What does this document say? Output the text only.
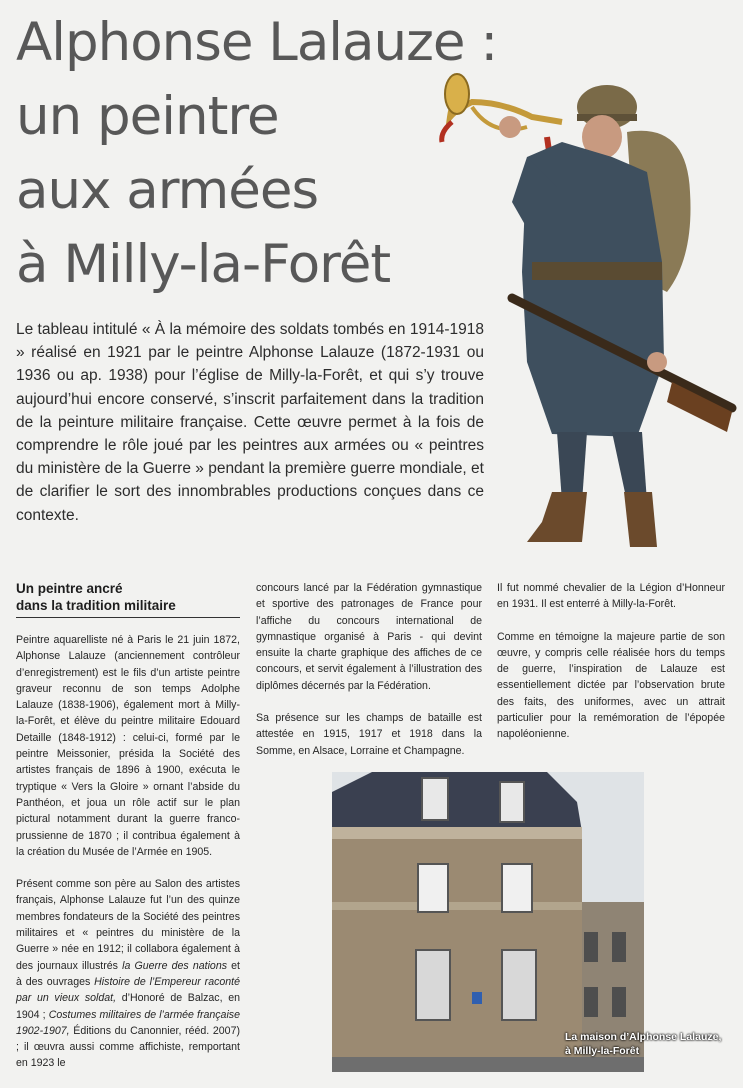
Alphonse Lalauze :
un peintre
aux armées
à Milly-la-Forêt

Le tableau intitulé « À la mémoire des soldats tombés en 1914-1918 » réalisé en 1921 par le peintre Alphonse Lalauze (1872-1931 ou 1936 ou ap. 1938) pour l’église de Milly-la-Forêt, et qui s’y trouve aujourd’hui encore conservé, s’inscrit parfaitement dans la tradition de la peinture militaire française. Cette œuvre permet à la fois de comprendre le rôle joué par les peintres aux armées ou « peintres du ministère de la Guerre » pendant la première guerre mondiale, et de clarifier le sort des innombrables productions conçues dans ce contexte.

Un peintre ancré
dans la tradition militaire

Peintre aquarelliste né à Paris le 21 juin 1872, Alphonse Lalauze (anciennement contrôleur d’enregistrement) est le fils d’un artiste peintre graveur reconnu de son temps Adolphe Lalauze (1838-1906), également mort à Milly-la-Forêt, et élève du peintre militaire Edouard Detaille (1848-1912) : celui-ci, formé par le peintre Meissonier, présida la Société des artistes français de 1896 à 1900, exécuta le tryptique « Vers la Gloire » ornant l’abside du Panthéon, et joua un rôle actif sur le plan pictural notamment durant la guerre franco-prussienne de 1870 ; il contribua également à la création du Musée de l’Armée en 1905.

Présent comme son père au Salon des artistes français, Alphonse Lalauze fut l’un des quinze membres fondateurs de la Société des peintres militaires et « peintres du ministère de la Guerre » née en 1912; il collabora également à des journaux illustrés la Guerre des nations et à des ouvrages Histoire de l’Empereur raconté par un vieux soldat, d’Honoré de Balzac, en 1904 ; Costumes militaires de l’armée française 1902-1907, Éditions du Canonnier, rééd. 2007) ; il œuvra aussi comme affichiste, remportant en 1923 le

concours lancé par la Fédération gymnastique et sportive des patronages de France pour l’affiche du concours international de gymnastique organisé à Paris - qui devint ensuite la charte graphique des affiches de ce concours, et servit également à l’illustration des diplômes décernés par la Fédération.

Sa présence sur les champs de bataille est attestée en 1915, 1917 et 1918 dans la Somme, en Alsace, Lorraine et Champagne.

Il fut nommé chevalier de la Légion d’Honneur en 1931. Il est enterré à Milly-la-Forêt.

Comme en témoigne la majeure partie de son œuvre, y compris celle réalisée hors du temps de guerre, l’inspiration de Lalauze est essentiellement dictée par l’observation brute des faits, des uniformes, avec un attrait particulier pour la remémoration de l’épopée napoléonienne.

La maison d’Alphonse Lalauze,
à Milly-la-Forêt
